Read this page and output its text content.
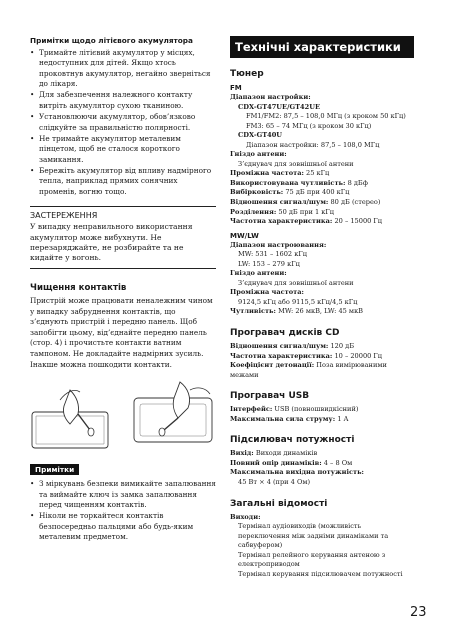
Примітки щодо літієвого акумулятора
• Тримайте літієвий акумулятор у місцях, недоступних для дітей. Якщо хтось проковтнув акумулятор, негайно зверніться до лікаря.
• Для забезпечення належного контакту витріть акумулятор сухою тканиною.
• Установлюючи акумулятор, обов’язково слідкуйте за правильністю полярності.
• Не тримайте акумулятор металевим пінцетом, щоб не сталося короткого замикання.
• Бережіть акумулятор від впливу надмірного тепла, наприклад прямих сонячних променів, вогню тощо.
ЗАСТЕРЕЖЕННЯ
У випадку неправильного використання акумулятор може вибухнути. Не перезаряджайте, не розбирайте та не кидайте у вогонь.
Чищення контактів
Пристрій може працювати неналежним чином у випадку забруднення контактів, що з’єднують пристрій і передню панель. Щоб запобігти цьому, від’єднайте передню панель (стор. 4) і прочистьте контакти ватним тампоном. Не докладайте надмірних зусиль. Інакше можна пошкодити контакти.
Примітки
• З міркувань безпеки вимикайте запалювання та виймайте ключ із замка запалювання перед чищенням контактів.
• Ніколи не торкайтеся контактів безпосередньо пальцями або будь-яким металевим предметом.
Технічні характеристики
Тюнер
FM
Діапазон настройки:
CDX-GT47UE/GT42UE
FM1/FM2: 87,5 – 108,0 МГц (з кроком 50 кГц)
FM3: 65 – 74 МГц (з кроком 30 кГц)
CDX-GT40U
Діапазон настройки: 87,5 – 108,0 МГц
Гніздо антени:
З’єднувач для зовнішньої антени
Проміжна частота: 25 кГц
Використовувана чутливість: 8 дБф
Вибірковість: 75 дБ при 400 кГц
Відношення сигнал/шум: 80 дБ (стерео)
Розділення: 50 дБ при 1 кГц
Частотна характеристика: 20 – 15000 Гц
MW/LW
Діапазон настроювання:
MW: 531 – 1602 кГц
LW: 153 – 279 кГц
Гніздо антени:
З’єднувач для зовнішньої антени
Проміжна частота:
9124,5 кГц або 9115,5 кГц/4,5 кГц
Чутливість: MW: 26 мкВ, LW: 45 мкВ
Програвач дисків CD
Відношення сигнал/шум: 120 дБ
Частотна характеристика: 10 – 20000 Гц
Коефіцієнт детонації: Поза вимірюваними межами
Програвач USB
Інтерфейс: USB (повношвидкісний)
Максимальна сила струму: 1 A
Підсилювач потужності
Вихід: Виходи динаміків
Повний опір динаміків: 4 – 8 Ом
Максимальна вихідна потужність:
45 Вт × 4 (при 4 Ом)
Загальні відомості
Виходи:
Термінал аудіовиходів (можливість переключення між задніми динаміками та сабвуфером)
Термінал релейного керування антеною з електроприводом
Термінал керування підсилювачем потужності
23
